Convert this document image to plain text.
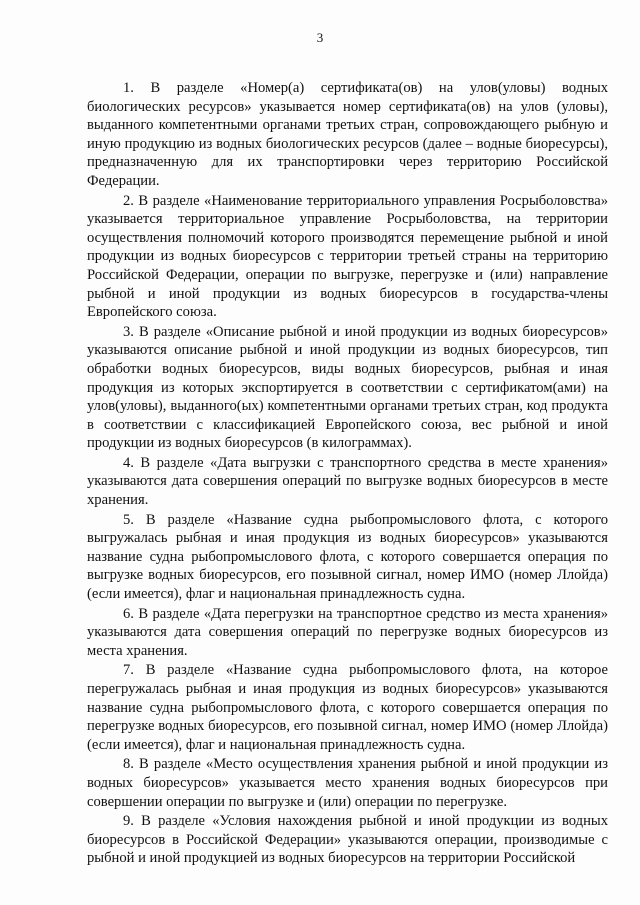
3

1. В разделе «Номер(а) сертификата(ов) на улов(уловы) водных биологических ресурсов» указывается номер сертификата(ов) на улов (уловы), выданного компетентными органами третьих стран, сопровождающего рыбную и иную продукцию из водных биологических ресурсов (далее – водные биоресурсы), предназначенную для их транспортировки через территорию Российской Федерации.

2. В разделе «Наименование территориального управления Росрыболовства» указывается территориальное управление Росрыболовства, на территории осуществления полномочий которого производятся перемещение рыбной и иной продукции из водных биоресурсов с территории третьей страны на территорию Российской Федерации, операции по выгрузке, перегрузке и (или) направление рыбной и иной продукции из водных биоресурсов в государства-члены Европейского союза.

3. В разделе «Описание рыбной и иной продукции из водных биоресурсов» указываются описание рыбной и иной продукции из водных биоресурсов, тип обработки водных биоресурсов, виды водных биоресурсов, рыбная и иная продукция из которых экспортируется в соответствии с сертификатом(ами) на улов(уловы), выданного(ых) компетентными органами третьих стран, код продукта в соответствии с классификацией Европейского союза, вес рыбной и иной продукции из водных биоресурсов (в килограммах).

4. В разделе «Дата выгрузки с транспортного средства в месте хранения» указываются дата совершения операций по выгрузке водных биоресурсов в месте хранения.

5. В разделе «Название судна рыбопромыслового флота, с которого выгружалась рыбная и иная продукция из водных биоресурсов» указываются название судна рыбопромыслового флота, с которого совершается операция по выгрузке водных биоресурсов, его позывной сигнал, номер ИМО (номер Ллойда) (если имеется), флаг и национальная принадлежность судна.

6. В разделе «Дата перегрузки на транспортное средство из места хранения» указываются дата совершения операций по перегрузке водных биоресурсов из места хранения.

7. В разделе «Название судна рыбопромыслового флота, на которое перегружалась рыбная и иная продукция из водных биоресурсов» указываются название судна рыбопромыслового флота, с которого совершается операция по перегрузке водных биоресурсов, его позывной сигнал, номер ИМО (номер Ллойда) (если имеется), флаг и национальная принадлежность судна.

8. В разделе «Место осуществления хранения рыбной и иной продукции из водных биоресурсов» указывается место хранения водных биоресурсов при совершении операции по выгрузке и (или) операции по перегрузке.

9. В разделе «Условия нахождения рыбной и иной продукции из водных биоресурсов в Российской Федерации» указываются операции, производимые с рыбной и иной продукцией из водных биоресурсов на территории Российской
